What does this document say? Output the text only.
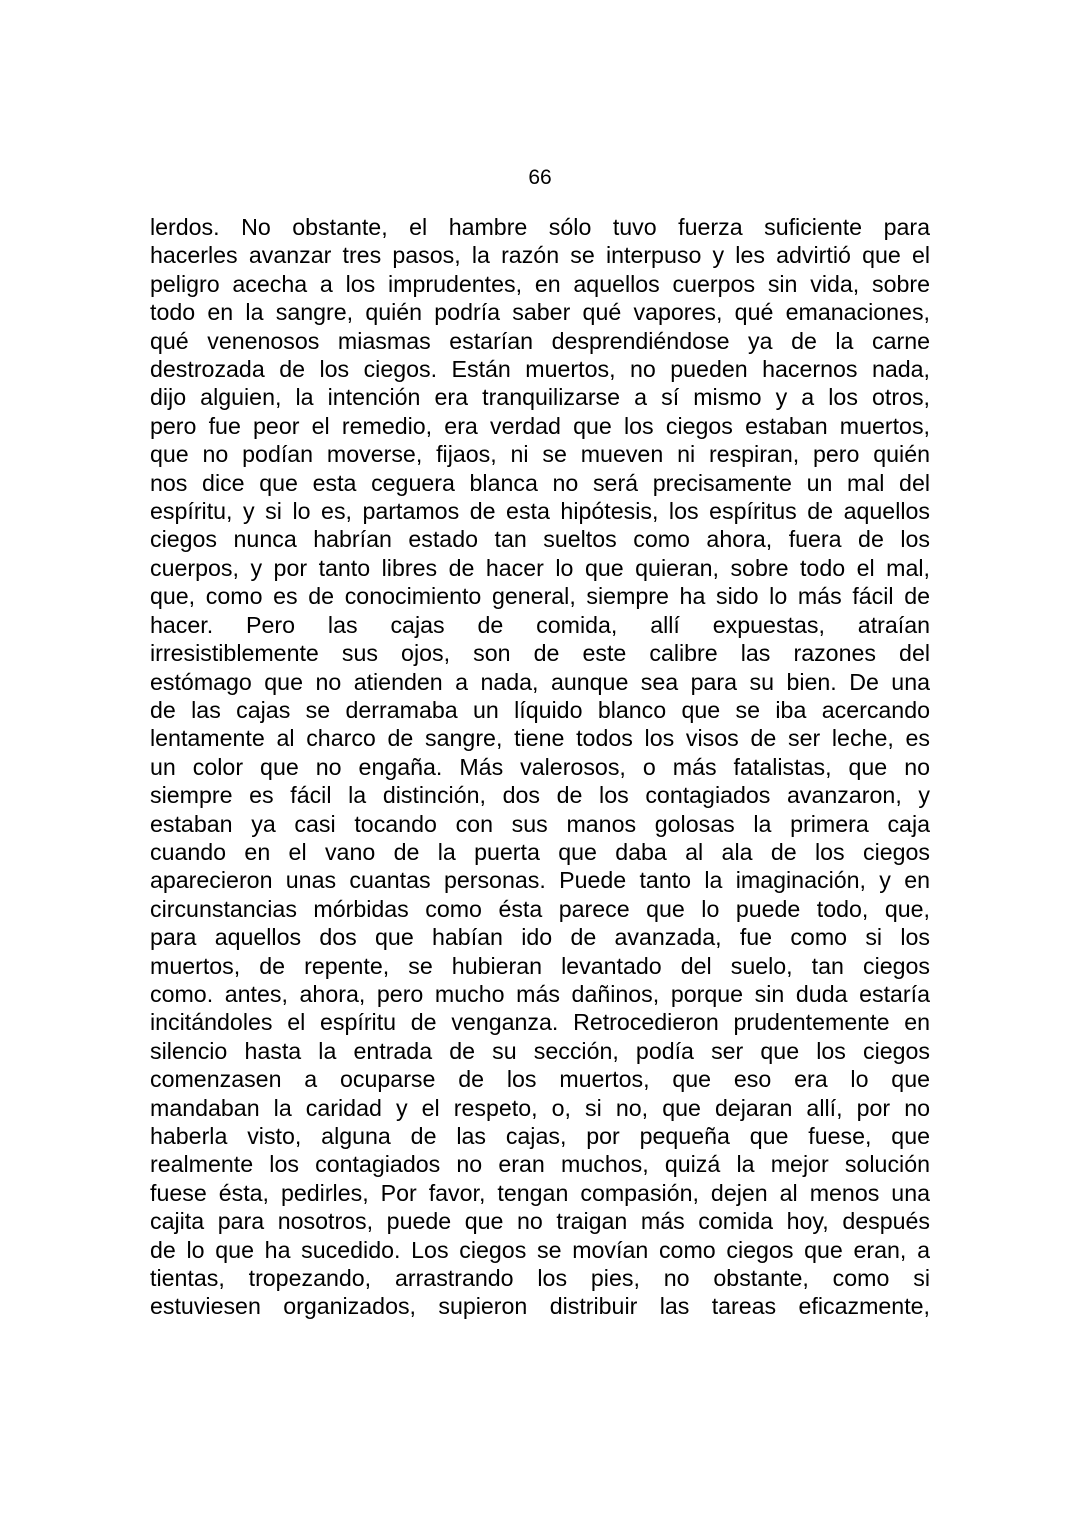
66
lerdos. No obstante, el hambre sólo tuvo fuerza suficiente para
hacerles avanzar tres pasos, la razón se interpuso y les advirtió que el
peligro acecha a los imprudentes, en aquellos cuerpos sin vida, sobre
todo en la sangre, quién podría saber qué vapores, qué emanaciones,
qué venenosos miasmas estarían desprendiéndose ya de la carne
destrozada de los ciegos. Están muertos, no pueden hacernos nada,
dijo alguien, la intención era tranquilizarse a sí mismo y a los otros,
pero fue peor el remedio, era verdad que los ciegos estaban muertos,
que no podían moverse, fijaos, ni se mueven ni respiran, pero quién
nos dice que esta ceguera blanca no será precisamente un mal del
espíritu, y si lo es, partamos de esta hipótesis, los espíritus de aquellos
ciegos nunca habrían estado tan sueltos como ahora, fuera de los
cuerpos, y por tanto libres de hacer lo que quieran, sobre todo el mal,
que, como es de conocimiento general, siempre ha sido lo más fácil de
hacer. Pero las cajas de comida, allí expuestas, atraían
irresistiblemente sus ojos, son de este calibre las razones del
estómago que no atienden a nada, aunque sea para su bien. De una
de las cajas se derramaba un líquido blanco que se iba acercando
lentamente al charco de sangre, tiene todos los visos de ser leche, es
un color que no engaña. Más valerosos, o más fatalistas, que no
siempre es fácil la distinción, dos de los contagiados avanzaron, y
estaban ya casi tocando con sus manos golosas la primera caja
cuando en el vano de la puerta que daba al ala de los ciegos
aparecieron unas cuantas personas. Puede tanto la imaginación, y en
circunstancias mórbidas como ésta parece que lo puede todo, que,
para aquellos dos que habían ido de avanzada, fue como si los
muertos, de repente, se hubieran levantado del suelo, tan ciegos
como. antes, ahora, pero mucho más dañinos, porque sin duda estaría
incitándoles el espíritu de venganza. Retrocedieron prudentemente en
silencio hasta la entrada de su sección, podía ser que los ciegos
comenzasen a ocuparse de los muertos, que eso era lo que
mandaban la caridad y el respeto, o, si no, que dejaran allí, por no
haberla visto, alguna de las cajas, por pequeña que fuese, que
realmente los contagiados no eran muchos, quizá la mejor solución
fuese ésta, pedirles, Por favor, tengan compasión, dejen al menos una
cajita para nosotros, puede que no traigan más comida hoy, después
de lo que ha sucedido. Los ciegos se movían como ciegos que eran, a
tientas, tropezando, arrastrando los pies, no obstante, como si
estuviesen organizados, supieron distribuir las tareas eficazmente,
